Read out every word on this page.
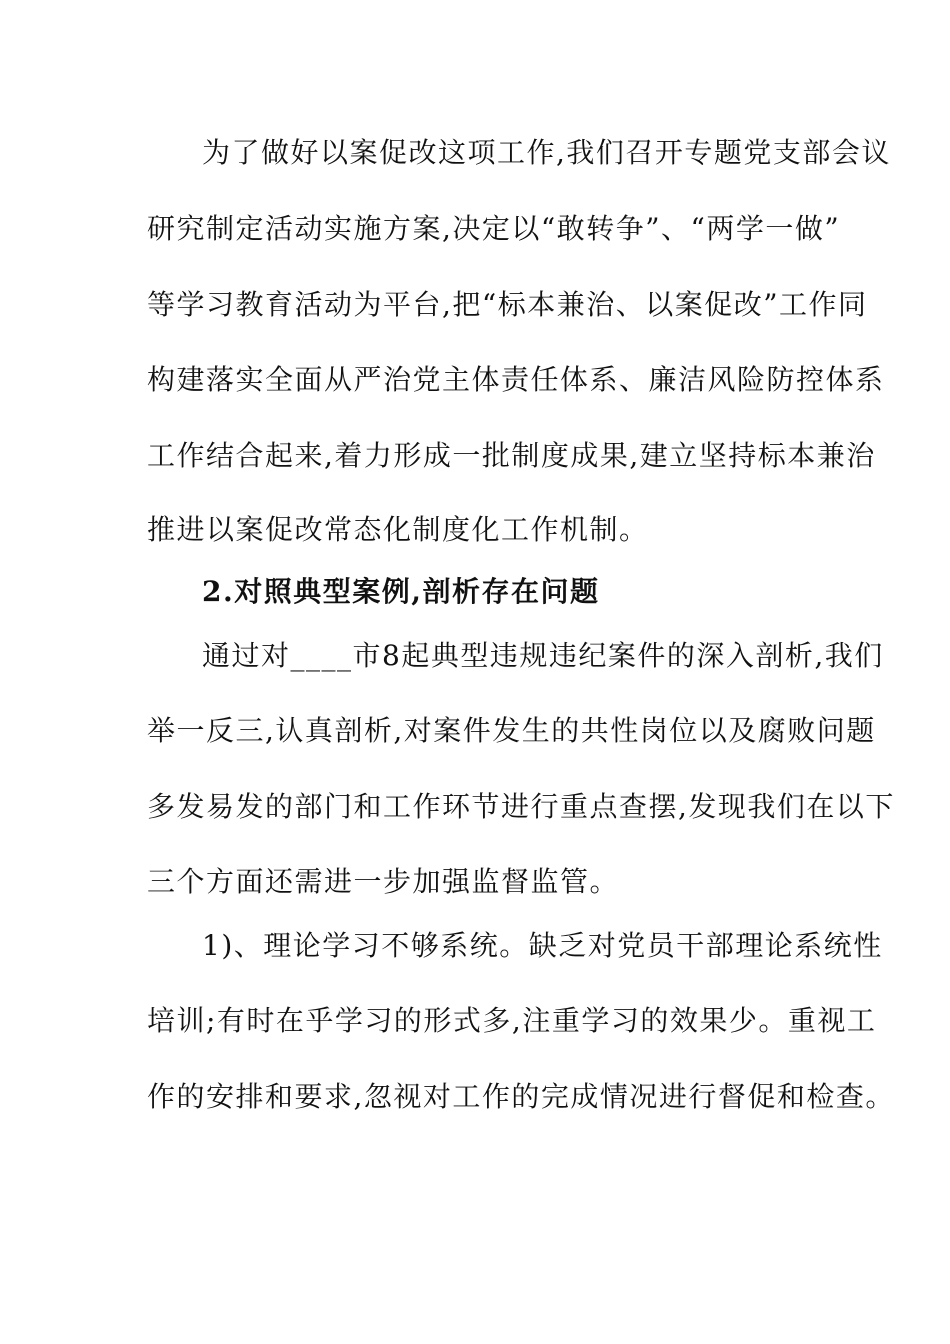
为了做好以案促改这项工作,我们召开专题党支部会议
研究制定活动实施方案,决定以“敢转争”、“两学一做”
等学习教育活动为平台,把“标本兼治、以案促改”工作同
构建落实全面从严治党主体责任体系、廉洁风险防控体系
工作结合起来,着力形成一批制度成果,建立坚持标本兼治
推进以案促改常态化制度化工作机制。
2.对照典型案例,剖析存在问题
通过对____市8起典型违规违纪案件的深入剖析,我们
举一反三,认真剖析,对案件发生的共性岗位以及腐败问题
多发易发的部门和工作环节进行重点查摆,发现我们在以下
三个方面还需进一步加强监督监管。
1)、理论学习不够系统。缺乏对党员干部理论系统性
培训;有时在乎学习的形式多,注重学习的效果少。重视工
作的安排和要求,忽视对工作的完成情况进行督促和检查。
